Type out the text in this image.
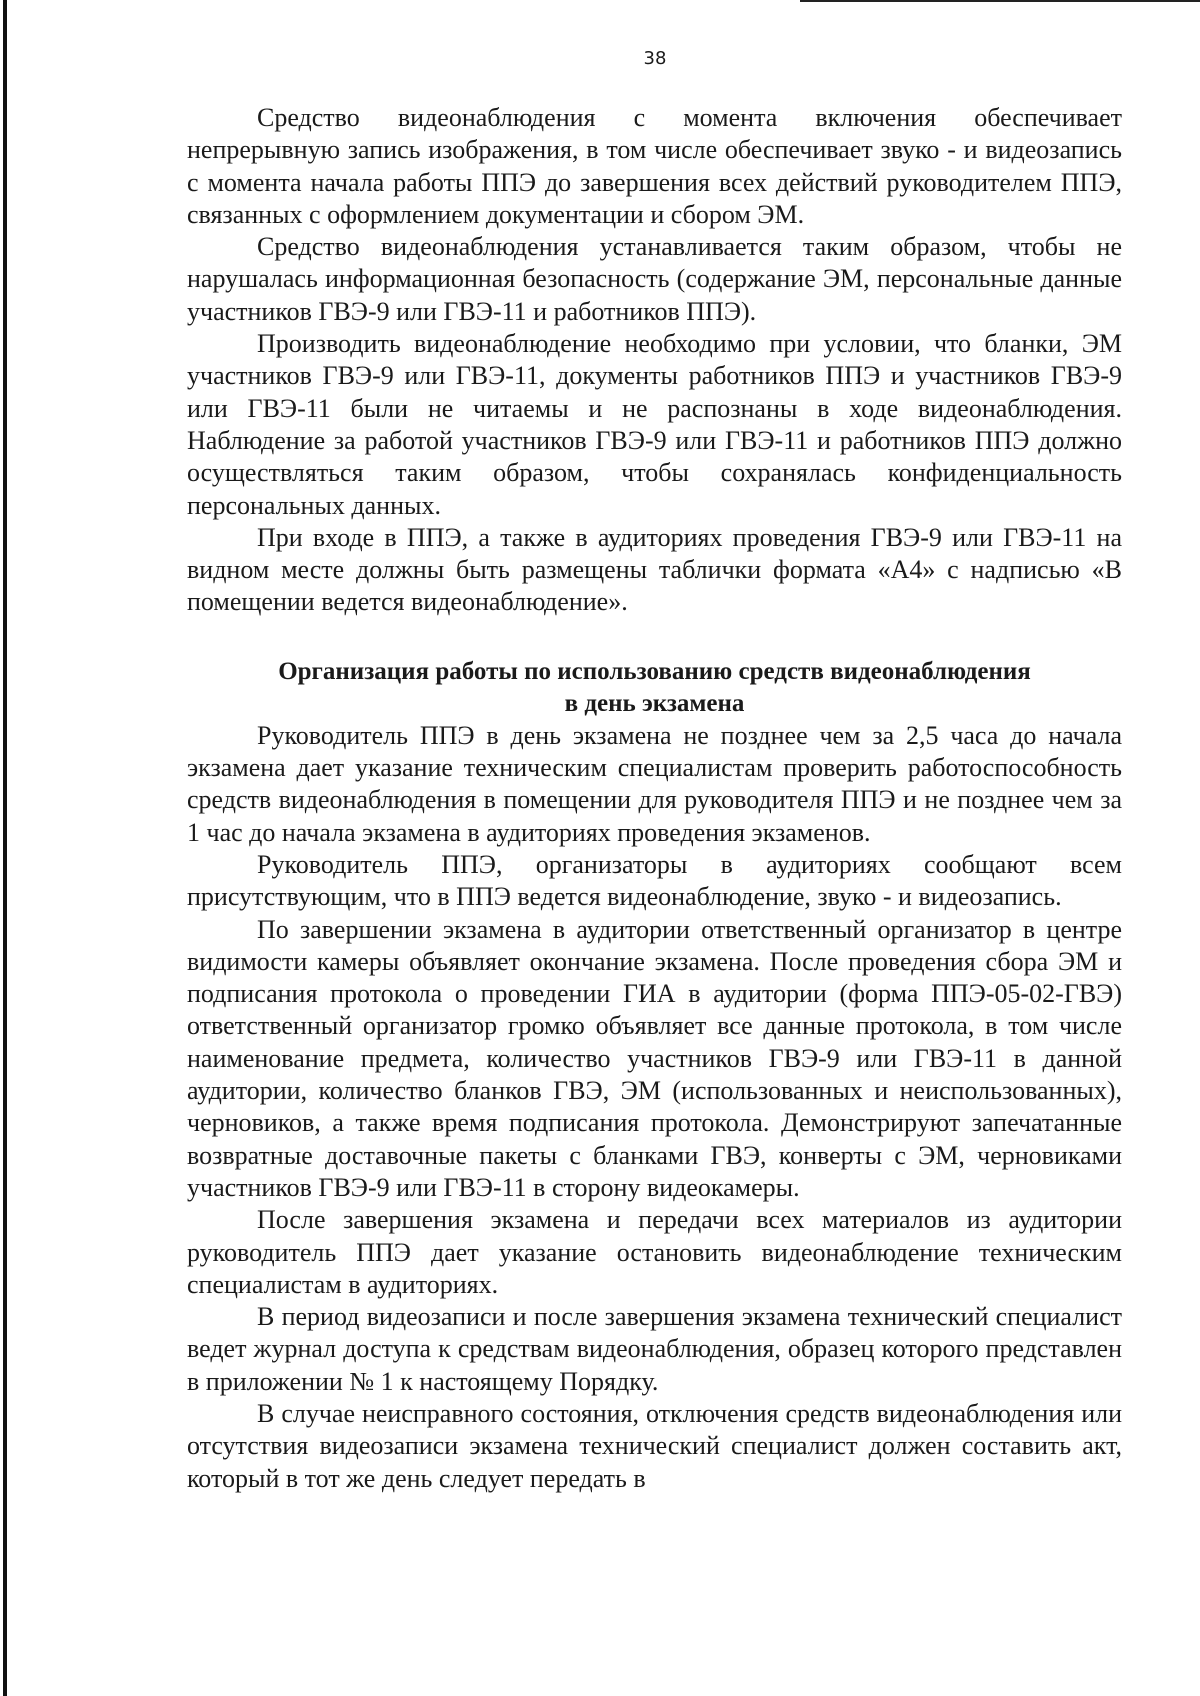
38

Средство видеонаблюдения с момента включения обеспечивает непрерывную запись изображения, в том числе обеспечивает звуко - и видеозапись с момента начала работы ППЭ до завершения всех действий руководителем ППЭ, связанных с оформлением документации и сбором ЭМ.

Средство видеонаблюдения устанавливается таким образом, чтобы не нарушалась информационная безопасность (содержание ЭМ, персональные данные участников ГВЭ-9 или ГВЭ-11 и работников ППЭ).

Производить видеонаблюдение необходимо при условии, что бланки, ЭМ участников ГВЭ-9 или ГВЭ-11, документы работников ППЭ и участников ГВЭ-9 или ГВЭ-11 были не читаемы и не распознаны в ходе видеонаблюдения. Наблюдение за работой участников ГВЭ-9 или ГВЭ-11 и работников ППЭ должно осуществляться таким образом, чтобы сохранялась конфиденциальность персональных данных.

При входе в ППЭ, а также в аудиториях проведения ГВЭ-9 или ГВЭ-11 на видном месте должны быть размещены таблички формата «А4» с надписью «В помещении ведется видеонаблюдение».

Организация работы по использованию средств видеонаблюдения
в день экзамена

Руководитель ППЭ в день экзамена не позднее чем за 2,5 часа до начала экзамена дает указание техническим специалистам проверить работоспособность средств видеонаблюдения в помещении для руководителя ППЭ и не позднее чем за 1 час до начала экзамена в аудиториях проведения экзаменов.

Руководитель ППЭ, организаторы в аудиториях сообщают всем присутствующим, что в ППЭ ведется видеонаблюдение, звуко - и видеозапись.

По завершении экзамена в аудитории ответственный организатор в центре видимости камеры объявляет окончание экзамена. После проведения сбора ЭМ и подписания протокола о проведении ГИА в аудитории (форма ППЭ-05-02-ГВЭ) ответственный организатор громко объявляет все данные протокола, в том числе наименование предмета, количество участников ГВЭ-9 или ГВЭ-11 в данной аудитории, количество бланков ГВЭ, ЭМ (использованных и неиспользованных), черновиков, а также время подписания протокола. Демонстрируют запечатанные возвратные доставочные пакеты с бланками ГВЭ, конверты с ЭМ, черновиками участников ГВЭ-9 или ГВЭ-11 в сторону видеокамеры.

После завершения экзамена и передачи всех материалов из аудитории руководитель ППЭ дает указание остановить видеонаблюдение техническим специалистам в аудиториях.

В период видеозаписи и после завершения экзамена технический специалист ведет журнал доступа к средствам видеонаблюдения, образец которого представлен в приложении № 1 к настоящему Порядку.

В случае неисправного состояния, отключения средств видеонаблюдения или отсутствия видеозаписи экзамена технический специалист должен составить акт, который в тот же день следует передать в
